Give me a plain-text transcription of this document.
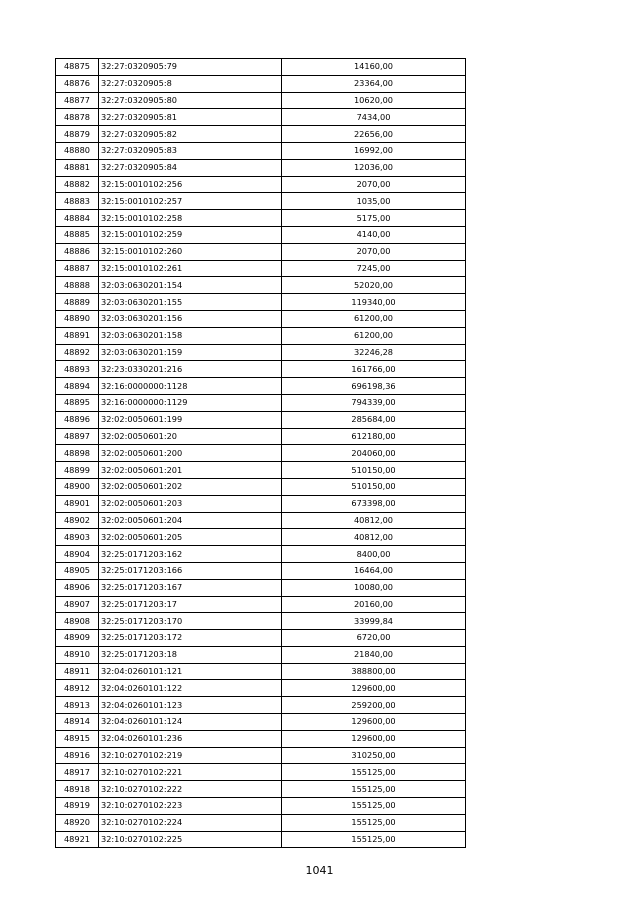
48875	32:27:0320905:79	14160,00
48876	32:27:0320905:8	23364,00
48877	32:27:0320905:80	10620,00
48878	32:27:0320905:81	7434,00
48879	32:27:0320905:82	22656,00
48880	32:27:0320905:83	16992,00
48881	32:27:0320905:84	12036,00
48882	32:15:0010102:256	2070,00
48883	32:15:0010102:257	1035,00
48884	32:15:0010102:258	5175,00
48885	32:15:0010102:259	4140,00
48886	32:15:0010102:260	2070,00
48887	32:15:0010102:261	7245,00
48888	32:03:0630201:154	52020,00
48889	32:03:0630201:155	119340,00
48890	32:03:0630201:156	61200,00
48891	32:03:0630201:158	61200,00
48892	32:03:0630201:159	32246,28
48893	32:23:0330201:216	161766,00
48894	32:16:0000000:1128	696198,36
48895	32:16:0000000:1129	794339,00
48896	32:02:0050601:199	285684,00
48897	32:02:0050601:20	612180,00
48898	32:02:0050601:200	204060,00
48899	32:02:0050601:201	510150,00
48900	32:02:0050601:202	510150,00
48901	32:02:0050601:203	673398,00
48902	32:02:0050601:204	40812,00
48903	32:02:0050601:205	40812,00
48904	32:25:0171203:162	8400,00
48905	32:25:0171203:166	16464,00
48906	32:25:0171203:167	10080,00
48907	32:25:0171203:17	20160,00
48908	32:25:0171203:170	33999,84
48909	32:25:0171203:172	6720,00
48910	32:25:0171203:18	21840,00
48911	32:04:0260101:121	388800,00
48912	32:04:0260101:122	129600,00
48913	32:04:0260101:123	259200,00
48914	32:04:0260101:124	129600,00
48915	32:04:0260101:236	129600,00
48916	32:10:0270102:219	310250,00
48917	32:10:0270102:221	155125,00
48918	32:10:0270102:222	155125,00
48919	32:10:0270102:223	155125,00
48920	32:10:0270102:224	155125,00
48921	32:10:0270102:225	155125,00
1041
